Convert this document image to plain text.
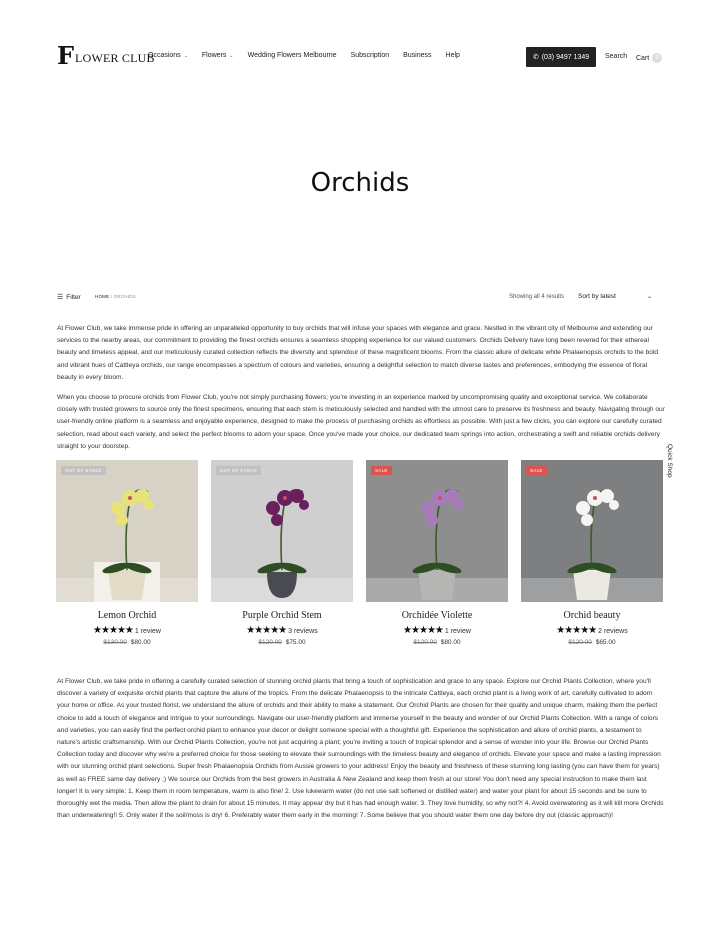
F LOWER CLUB
Occasions ⌄ Flowers ⌄ Wedding Flowers Melbourne Subscription Business Help	✆ (03) 9497 1349 Search Cart 0
Orchids
☰ Filter	HOME / ORCHIDS	Showing all 4 results Sort by latest	⌄

At Flower Club, we take immense pride in offering an unparalleled opportunity to buy orchids that will infuse your spaces with elegance and grace. Nestled in the vibrant city of Melbourne and extending our services to the nearby areas, our commitment to providing the finest orchids ensures a seamless shopping experience for our valued customers. Orchids Delivery have long been revered for their ethereal beauty and timeless appeal, and our meticulously curated collection reflects the diversity and splendour of these magnificent blooms. From the classic allure of delicate white Phalaenopsis orchids to the bold and vibrant hues of Cattleya orchids, our range encompasses a spectrum of colours and varieties, ensuring a delightful selection to match diverse tastes and preferences, embodying the essence of floral beauty in every bloom.

When you choose to procure orchids from Flower Club, you're not simply purchasing flowers; you're investing in an experience marked by uncompromising quality and exceptional service. We collaborate closely with trusted growers to source only the finest specimens, ensuring that each stem is meticulously selected and handled with the utmost care to preserve its freshness and beauty. Navigating through our user-friendly online platform is a seamless and enjoyable experience, designed to make the process of purchasing orchids as effortless as possible. With just a few clicks, you can explore our carefully curated selection, read about each variety, and select the perfect blooms to adorn your space. Once you've made your choice, our dedicated team springs into action, orchestrating a swift and reliable orchids delivery straight to your doorstep.	Quick Shop
OUT OF STOCK
Lemon Orchid
★★★★★ 1 review
$130.00 $80.00
OUT OF STOCK
Purple Orchid Stem
★★★★★ 3 reviews
$120.00 $75.00
SALE
Orchidée Violette
★★★★★ 1 review
$120.00 $80.00
SALE
Orchid beauty
★★★★★ 2 reviews
$120.00 $65.00

At Flower Club, we take pride in offering a carefully curated selection of stunning orchid plants that bring a touch of sophistication and grace to any space. Explore our Orchid Plants Collection, where you'll discover a variety of exquisite orchid plants that capture the allure of the tropics. From the delicate Phalaenopsis to the intricate Cattleya, each orchid plant is a living work of art, carefully cultivated to adorn your home or office. As your trusted florist, we understand the allure of orchids and their ability to make a statement. Our Orchid Plants are chosen for their quality and unique charm, making them the perfect choice to add a touch of elegance and intrigue to your surroundings. Navigate our user-friendly platform and immerse yourself in the beauty and wonder of our Orchid Plants Collection. With a range of colors and varieties, you can easily find the perfect orchid plant to enhance your decor or delight someone special with a thoughtful gift. Experience the sophistication and allure of orchid plants, a testament to nature's artistic craftsmanship. With our Orchid Plants Collection, you're not just acquiring a plant; you're inviting a touch of tropical splendor and a sense of wonder into your life. Browse our Orchid Plants Collection today and discover why we're a preferred choice for those seeking to elevate their surroundings with the timeless beauty and elegance of orchids. Elevate your space and make a lasting impression with our stunning orchid plant selections. Super fresh Phalaenopsia Orchids from Aussie growers to your address! Enjoy the beauty and freshness of these stunning long lasting (you can have them for years) as well as FREE same day delivery ;) We source our Orchids from the best growers in Australia & New Zealand and keep them fresh at our store! You don't need any special instruction to make them last longer! It is very simple: 1. Keep them in room temperature, warm is also fine! 2. Use lukewarm water (do not use salt softened or distilled water) and water your plant for about 15 seconds and be sure to thoroughly wet the media. Then allow the plant to drain for about 15 minutes. It may appear dry but it has had enough water. 3. They love humidity, so why not?! 4. Avoid overwatering as it will kill more Orchids than underwatering!! 5. Only water if the soil/moss is dry! 6. Preferably water them early in the morning! 7. Some believe that you should water them one day before dry out (classic approach)!
